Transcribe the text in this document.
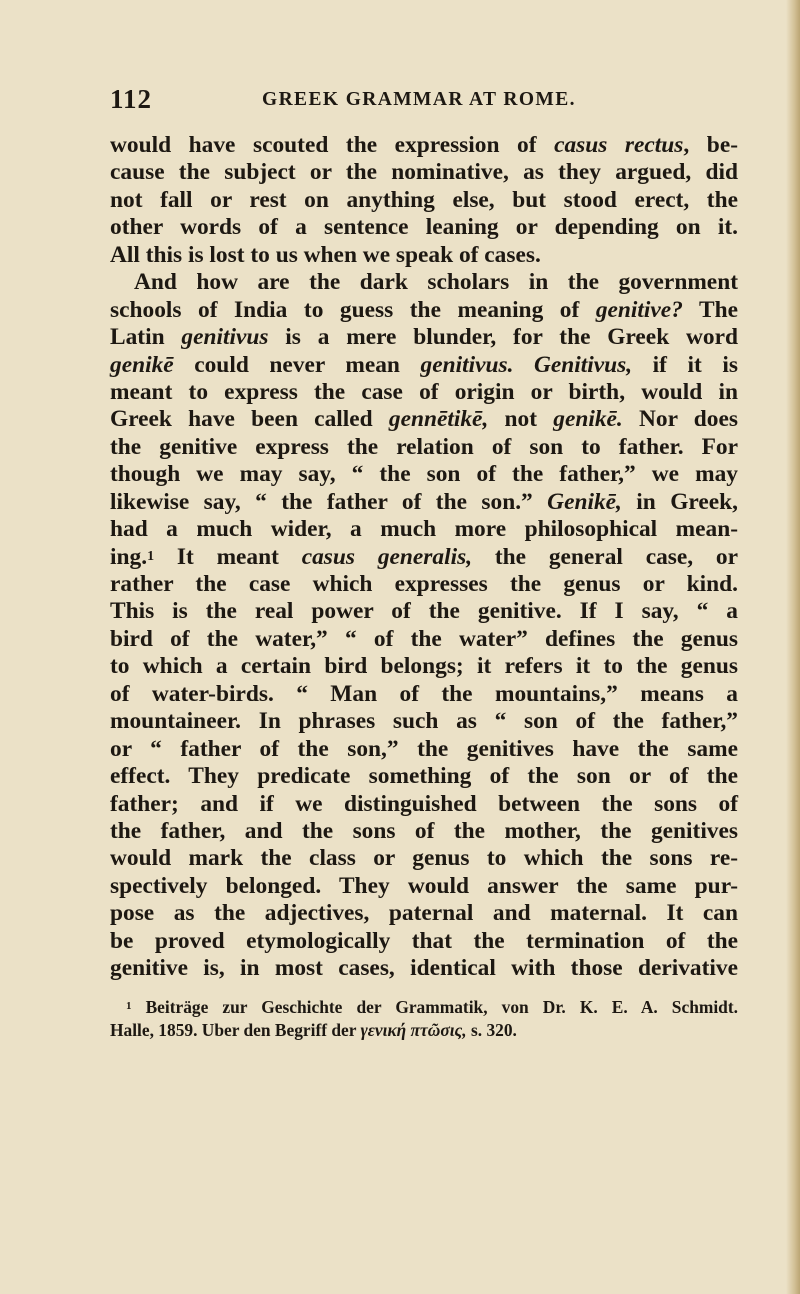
112	GREEK GRAMMAR AT ROME.
would have scouted the expression of casus rectus, be-
cause the subject or the nominative, as they argued, did
not fall or rest on anything else, but stood erect, the
other words of a sentence leaning or depending on it.
All this is lost to us when we speak of cases.
And how are the dark scholars in the government
schools of India to guess the meaning of genitive? The
Latin genitivus is a mere blunder, for the Greek word
genikē could never mean genitivus. Genitivus, if it is
meant to express the case of origin or birth, would in
Greek have been called gennētikē, not genikē. Nor does
the genitive express the relation of son to father. For
though we may say, “ the son of the father,” we may
likewise say, “ the father of the son.” Genikē, in Greek,
had a much wider, a much more philosophical mean-
ing.$^1$ It meant casus generalis, the general case, or
rather the case which expresses the genus or kind.
This is the real power of the genitive. If I say, “ a
bird of the water,” “ of the water” defines the genus
to which a certain bird belongs; it refers it to the genus
of water-birds. “ Man of the mountains,” means a
mountaineer. In phrases such as “ son of the father,”
or “ father of the son,” the genitives have the same
effect. They predicate something of the son or of the
father; and if we distinguished between the sons of
the father, and the sons of the mother, the genitives
would mark the class or genus to which the sons re-
spectively belonged. They would answer the same pur-
pose as the adjectives, paternal and maternal. It can
be proved etymologically that the termination of the
genitive is, in most cases, identical with those derivative
$^1$ Beiträge zur Geschichte der Grammatik, von Dr. K. E. A. Schmidt.
Halle, 1859. Uber den Begriff der γενική πτῶσις, s. 320.
